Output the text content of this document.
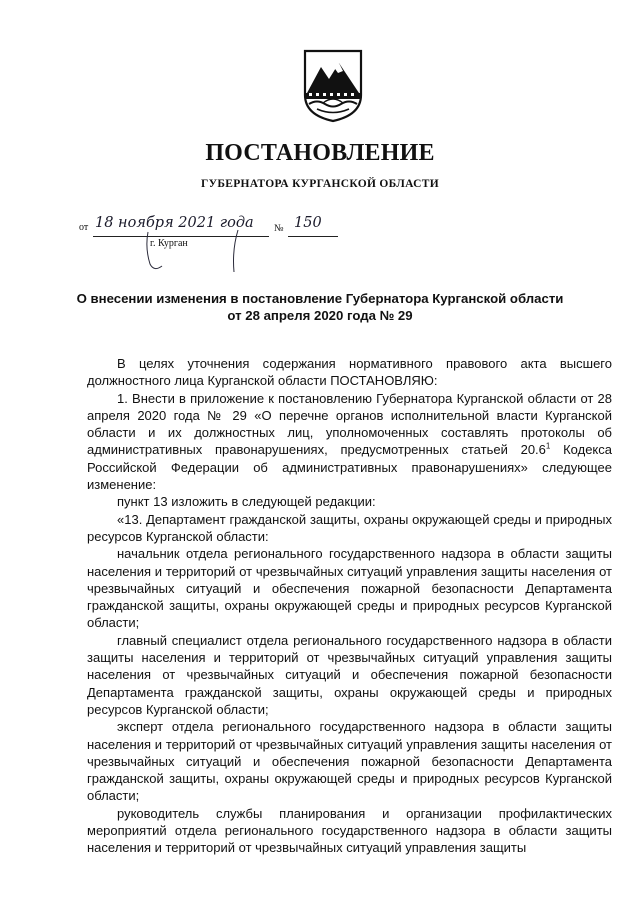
ПОСТАНОВЛЕНИЕ
ГУБЕРНАТОРА КУРГАНСКОЙ ОБЛАСТИ
от 18 ноября 2021 года № 150
г. Курган
О внесении изменения в постановление Губернатора Курганской области
от 28 апреля 2020 года № 29

В целях уточнения содержания нормативного правового акта высшего должностного лица Курганской области ПОСТАНОВЛЯЮ:

1. Внести в приложение к постановлению Губернатора Курганской области от 28 апреля 2020 года № 29 «О перечне органов исполнительной власти Курганской области и их должностных лиц, уполномоченных составлять протоколы об административных правонарушениях, предусмотренных статьей 20.6$^1$ Кодекса Российской Федерации об административных правонарушениях» следующее изменение:

пункт 13 изложить в следующей редакции:

«13. Департамент гражданской защиты, охраны окружающей среды и природных ресурсов Курганской области:

начальник отдела регионального государственного надзора в области защиты населения и территорий от чрезвычайных ситуаций управления защиты населения от чрезвычайных ситуаций и обеспечения пожарной безопасности Департамента гражданской защиты, охраны окружающей среды и природных ресурсов Курганской области;

главный специалист отдела регионального государственного надзора в области защиты населения и территорий от чрезвычайных ситуаций управления защиты населения от чрезвычайных ситуаций и обеспечения пожарной безопасности Департамента гражданской защиты, охраны окружающей среды и природных ресурсов Курганской области;

эксперт отдела регионального государственного надзора в области защиты населения и территорий от чрезвычайных ситуаций управления защиты населения от чрезвычайных ситуаций и обеспечения пожарной безопасности Департамента гражданской защиты, охраны окружающей среды и природных ресурсов Курганской области;

руководитель службы планирования и организации профилактических мероприятий отдела регионального государственного надзора в области защиты населения и территорий от чрезвычайных ситуаций управления защиты
